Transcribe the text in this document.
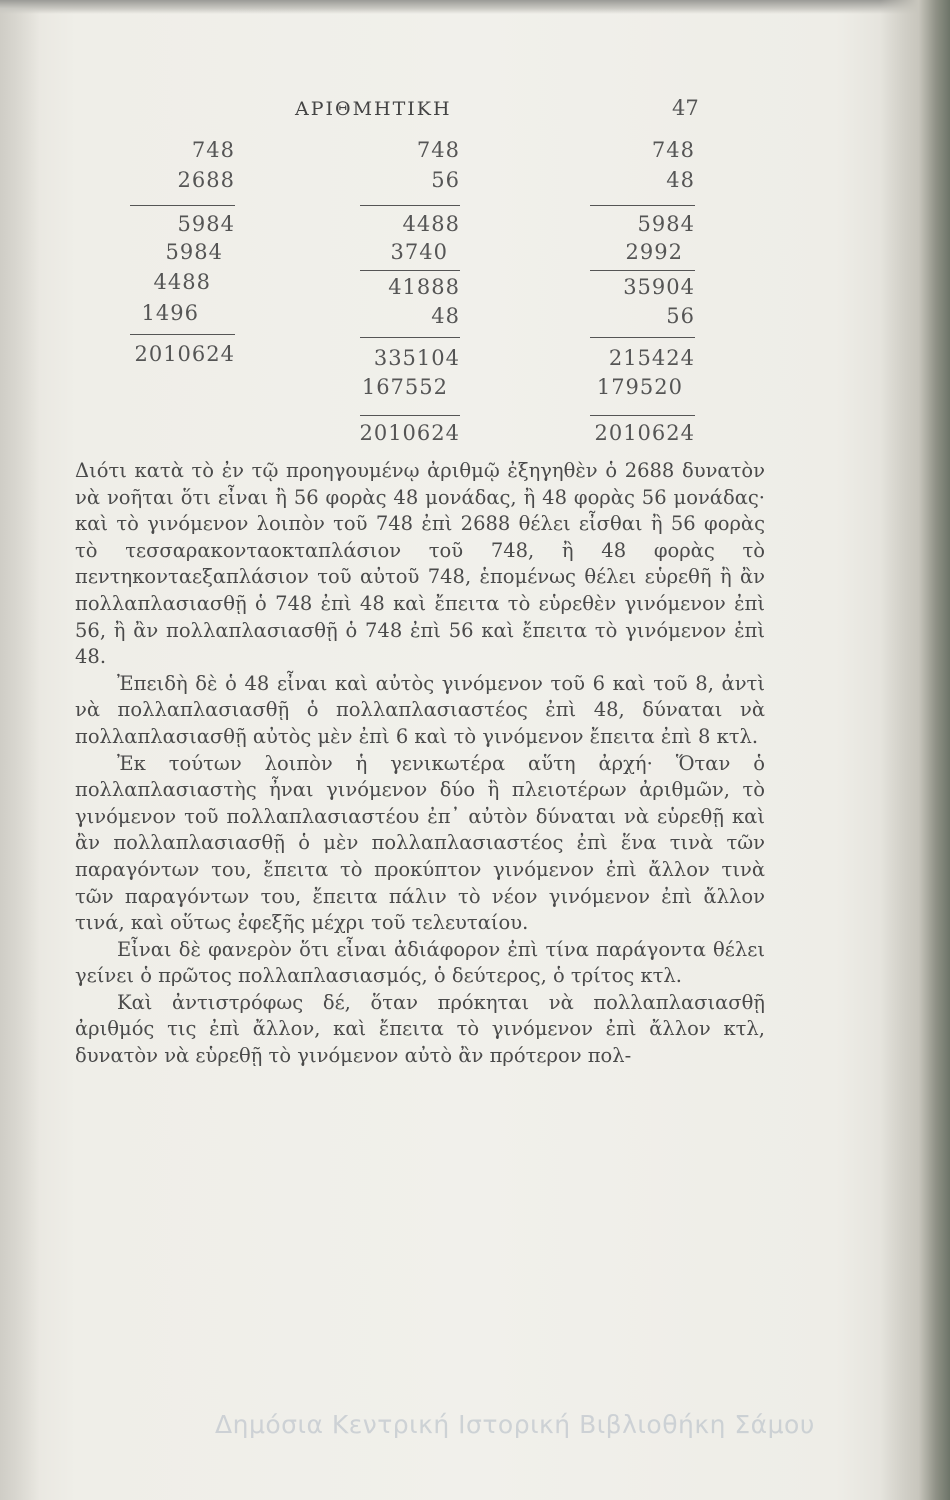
ΑΡΙΘΜΗΤΙΚΗ	47
748
2688
5984
5984
4488
1496
2010624
748
56
4488
3740
41888
48
335104
167552
2010624
748
48
5984
2992
35904
56
215424
179520
2010624

Διότι κατὰ τὸ ἐν τῷ προηγουμένῳ ἀριθμῷ ἐξηγηθὲν ὁ 2688 δυνατὸν νὰ νοῆται ὅτι εἶναι ἢ 56 φορὰς 48 μονάδας, ἢ 48 φορὰς 56 μονάδας· καὶ τὸ γινόμενον λοιπὸν τοῦ 748 ἐπὶ 2688 θέλει εἶσθαι ἢ 56 φορὰς τὸ τεσσαρακονταοκταπλάσιον τοῦ 748, ἢ 48 φορὰς τὸ πεντηκονταεξαπλάσιον τοῦ αὐτοῦ 748, ἑπομένως θέλει εὑρεθῆ ἢ ἂν πολλαπλασιασθῇ ὁ 748 ἐπὶ 48 καὶ ἔπειτα τὸ εὑρεθὲν γινόμενον ἐπὶ 56, ἢ ἂν πολλαπλασιασθῇ ὁ 748 ἐπὶ 56 καὶ ἔπειτα τὸ γινόμενον ἐπὶ 48.

Ἐπειδὴ δὲ ὁ 48 εἶναι καὶ αὐτὸς γινόμενον τοῦ 6 καὶ τοῦ 8, ἀντὶ νὰ πολλαπλασιασθῇ ὁ πολλαπλασιαστέος ἐπὶ 48, δύναται νὰ πολλαπλασιασθῇ αὐτὸς μὲν ἐπὶ 6 καὶ τὸ γινόμενον ἔπειτα ἐπὶ 8 κτλ.

Ἐκ τούτων λοιπὸν ἡ γενικωτέρα αὕτη ἀρχή· Ὅταν ὁ πολλαπλασιαστὴς ἦναι γινόμενον δύο ἢ πλειοτέρων ἀριθμῶν, τὸ γινόμενον τοῦ πολλαπλασιαστέου ἐπ᾽ αὐτὸν δύναται νὰ εὑρεθῇ καὶ ἂν πολλαπλασιασθῇ ὁ μὲν πολλαπλασιαστέος ἐπὶ ἕνα τινὰ τῶν παραγόντων του, ἔπειτα τὸ προκύπτον γινόμενον ἐπὶ ἄλλον τινὰ τῶν παραγόντων του, ἔπειτα πάλιν τὸ νέον γινόμενον ἐπὶ ἄλλον τινά, καὶ οὕτως ἐφεξῆς μέχρι τοῦ τελευταίου.

Εἶναι δὲ φανερὸν ὅτι εἶναι ἀδιάφορον ἐπὶ τίνα παράγοντα θέλει γείνει ὁ πρῶτος πολλαπλασιασμός, ὁ δεύτερος, ὁ τρίτος κτλ.

Καὶ ἀντιστρόφως δέ, ὅταν πρόκηται νὰ πολλαπλασιασθῇ ἀριθμός τις ἐπὶ ἄλλον, καὶ ἔπειτα τὸ γινόμενον ἐπὶ ἄλλον κτλ, δυνατὸν νὰ εὑρεθῇ τὸ γινόμενον αὐτὸ ἂν πρότερον πολ-

Δημόσια Κεντρική Ιστορική Βιβλιοθήκη Σάμου
